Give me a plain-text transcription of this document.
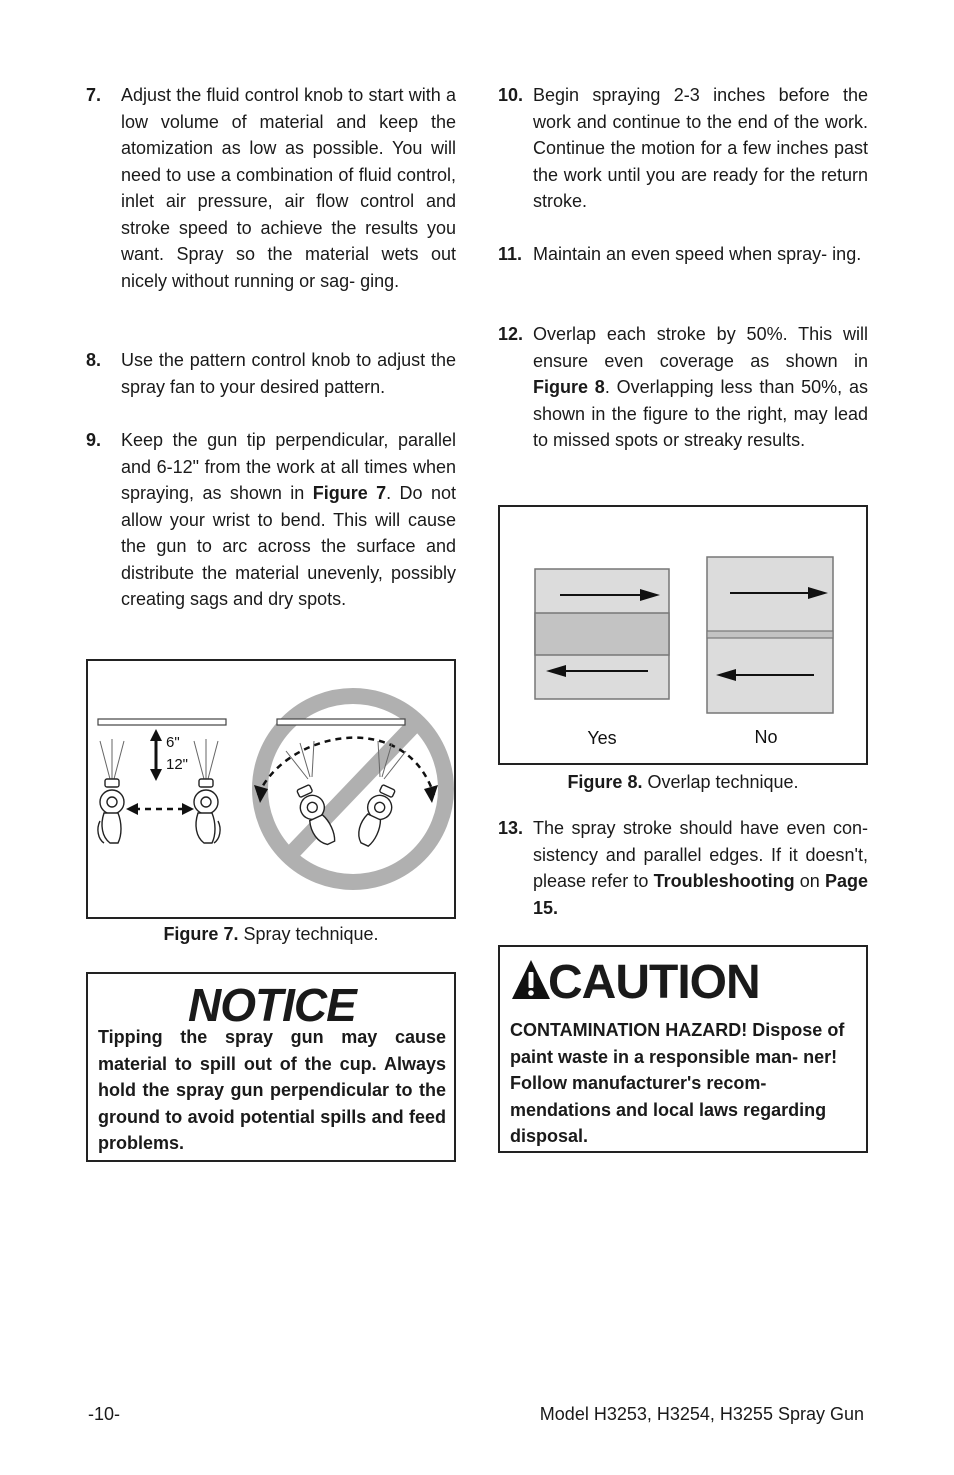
7. Adjust the fluid control knob to start with a low volume of material and keep the atomization as low as possible. You will need to use a combination of fluid control, inlet air pressure, air flow control and stroke speed to achieve the results you want. Spray so the material wets out nicely without running or sag- ging.
8. Use the pattern control knob to adjust the spray fan to your desired pattern.
9. Keep the gun tip perpendicular, parallel and 6-12" from the work at all times when spraying, as shown in Figure 7. Do not allow your wrist to bend. This will cause the gun to arc across the surface and distribute the material unevenly, possibly creating sags and dry spots.
6"
12"
Figure 7. Spray technique.
NOTICE
Tipping the spray gun may cause material to spill out of the cup. Always hold the spray gun perpendicular to the ground to avoid potential spills and feed problems.
10. Begin spraying 2-3 inches before the work and continue to the end of the work. Continue the motion for a few inches past the work until you are ready for the return stroke.
11. Maintain an even speed when spray- ing.
12. Overlap each stroke by 50%. This will ensure even coverage as shown in Figure 8. Overlapping less than 50%, as shown in the figure to the right, may lead to missed spots or streaky results.
Yes	No
Figure 8. Overlap technique.
13. The spray stroke should have even con- sistency and parallel edges. If it doesn't, please refer to Troubleshooting on Page 15.
CAUTION
CONTAMINATION HAZARD! Dispose of paint waste in a responsible man- ner! Follow manufacturer's recom- mendations and local laws regarding disposal.
-10-	Model H3253, H3254, H3255 Spray Gun
